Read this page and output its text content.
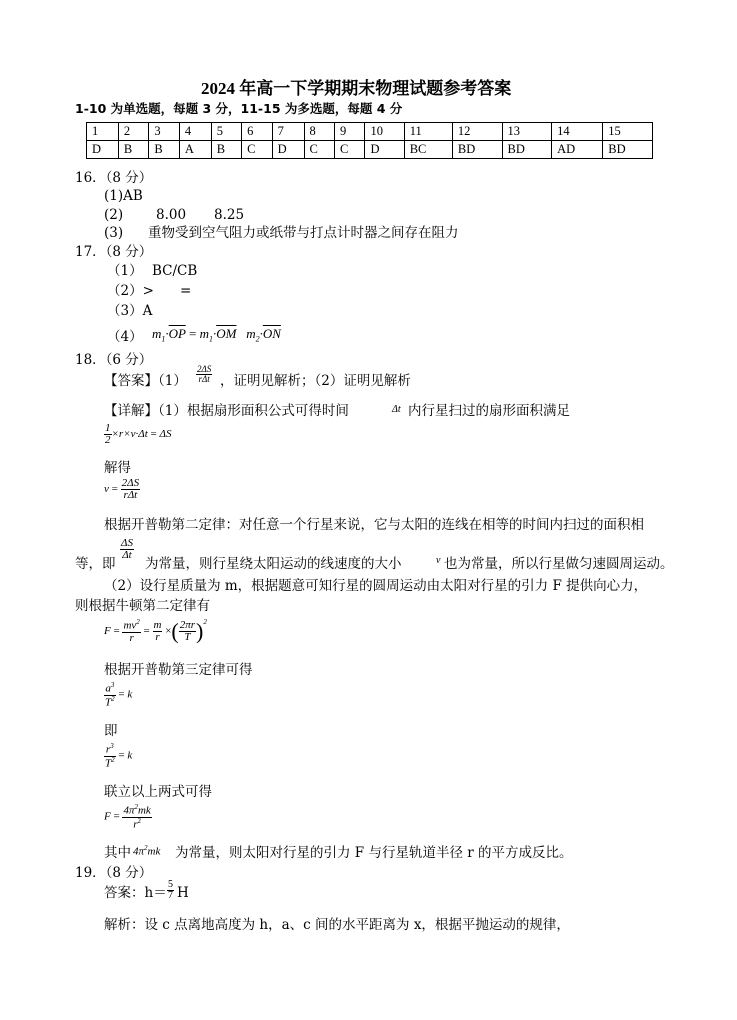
2024 年高一下学期期末物理试题参考答案
1-10 为单选题，每题 3 分，11-15 为多选题，每题 4 分
1	2	3	4	5	6	7	8	9	10	11	12	13	14	15
D	B	B	A	B	C	D	C	C	D	BC	BD	BD	AD	BD
16．（8 分）
(1)AB
(2) 8.00 8.25
(3) 重物受到空气阻力或纸带与打点计时器之间存在阻力
17．（8 分）
（1） BC/CB
（2）> =
（3）A
（4） $m_1\cdot\overline{OP} = m_1\cdot\overline{OM}$   $m_2\cdot\overline{ON}$
18．（6 分）
【答案】$(1) \frac{2\Delta S}{\text{rΔt}}$ ，证明见解析；（2）证明见解析
【详解】（1）根据扇形面积公式可得时间	Δt 内行星扫过的扇形面积满足
$\frac{1}{2} \times r\times v\cdot\Delta t = \Delta S$
解得
$v = \frac{2\Delta S}{\text{rΔt}}$
根据开普勒第二定律：对任意一个行星来说，它与太阳的连线在相等的时间内扫过的面积相
$\frac{\Delta S}{\Delta t}$
等，即 为常量，则行星绕太阳运动的线速度的大小	v 也为常量，所以行星做匀速圆周运动。
（2）设行星质量为 m，根据题意可知行星的圆周运动由太阳对行星的引力 F 提供向心力，
则根据牛顿第二定律有
$F = \frac{mv^2}{r} = \frac{m}{r}$ ×( $\frac{2\pi r}{T} )^2$
根据开普勒第三定律可得
$\frac{a^3}{T^2} = k$
即
$\frac{r^3}{T^2} = k$
联立以上两式可得
$F = \frac{4\pi^2mk}{r^2}$
其中 $4\pi^2mk$ 为常量，则太阳对行星的引力 F 与行星轨道半径 r 的平方成反比。
19．（8 分）
答案：$h= \frac{5}{7}$ H
解析：设 c 点离地高度为 h，a、c 间的水平距离为 x，根据平抛运动的规律，
